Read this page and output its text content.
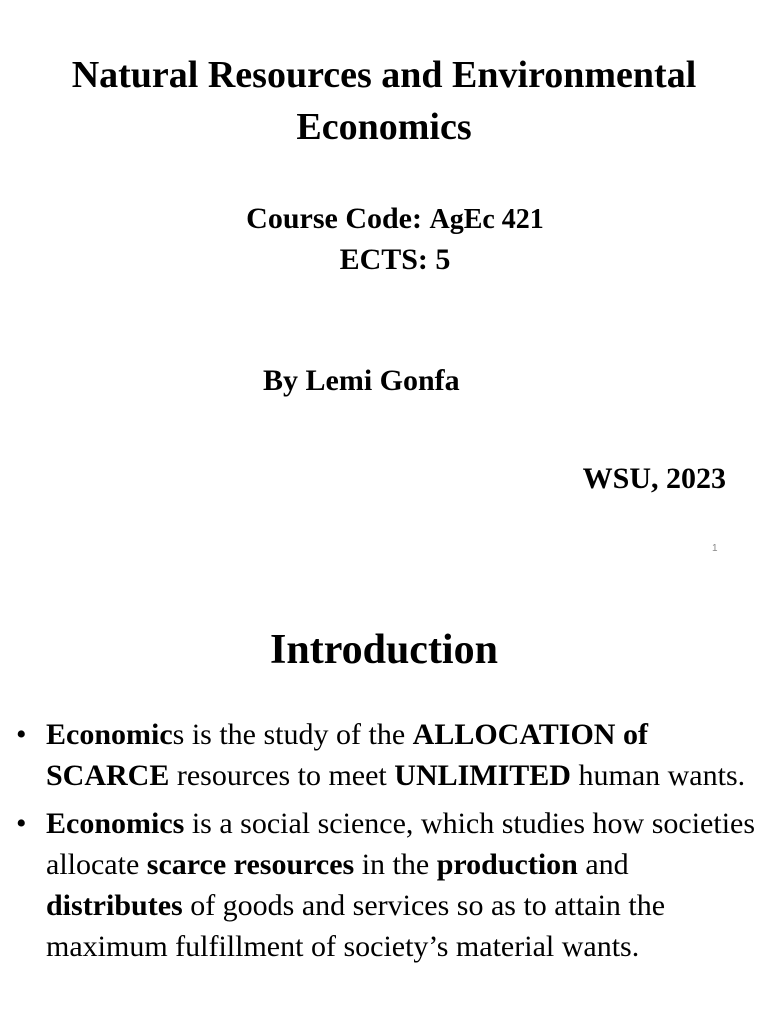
Natural Resources and Environmental
Economics
Course Code: AgEc 421
ECTS: 5
By Lemi Gonfa
WSU, 2023
1
Introduction
• Economics is the study of the ALLOCATION of SCARCE resources to meet UNLIMITED human wants.
• Economics is a social science, which studies how societies allocate scarce resources in the production and distributes of goods and services so as to attain the maximum fulfillment of society’s material wants.
